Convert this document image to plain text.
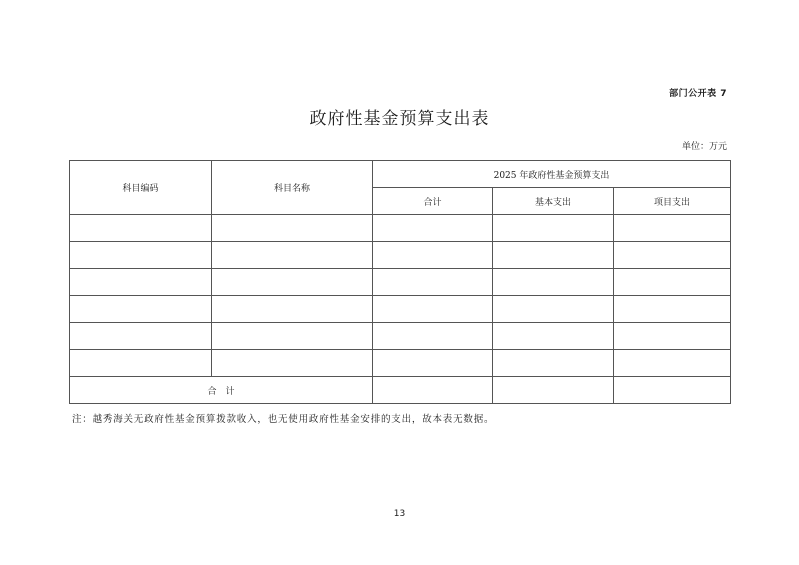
部门公开表 7
政府性基金预算支出表
单位：万元
科目编码	科目名称	2025 年政府性基金预算支出		
		合计	基本支出	项目支出

合　计				
注：越秀海关无政府性基金预算拨款收入，也无使用政府性基金安排的支出，故本表无数据。
13
